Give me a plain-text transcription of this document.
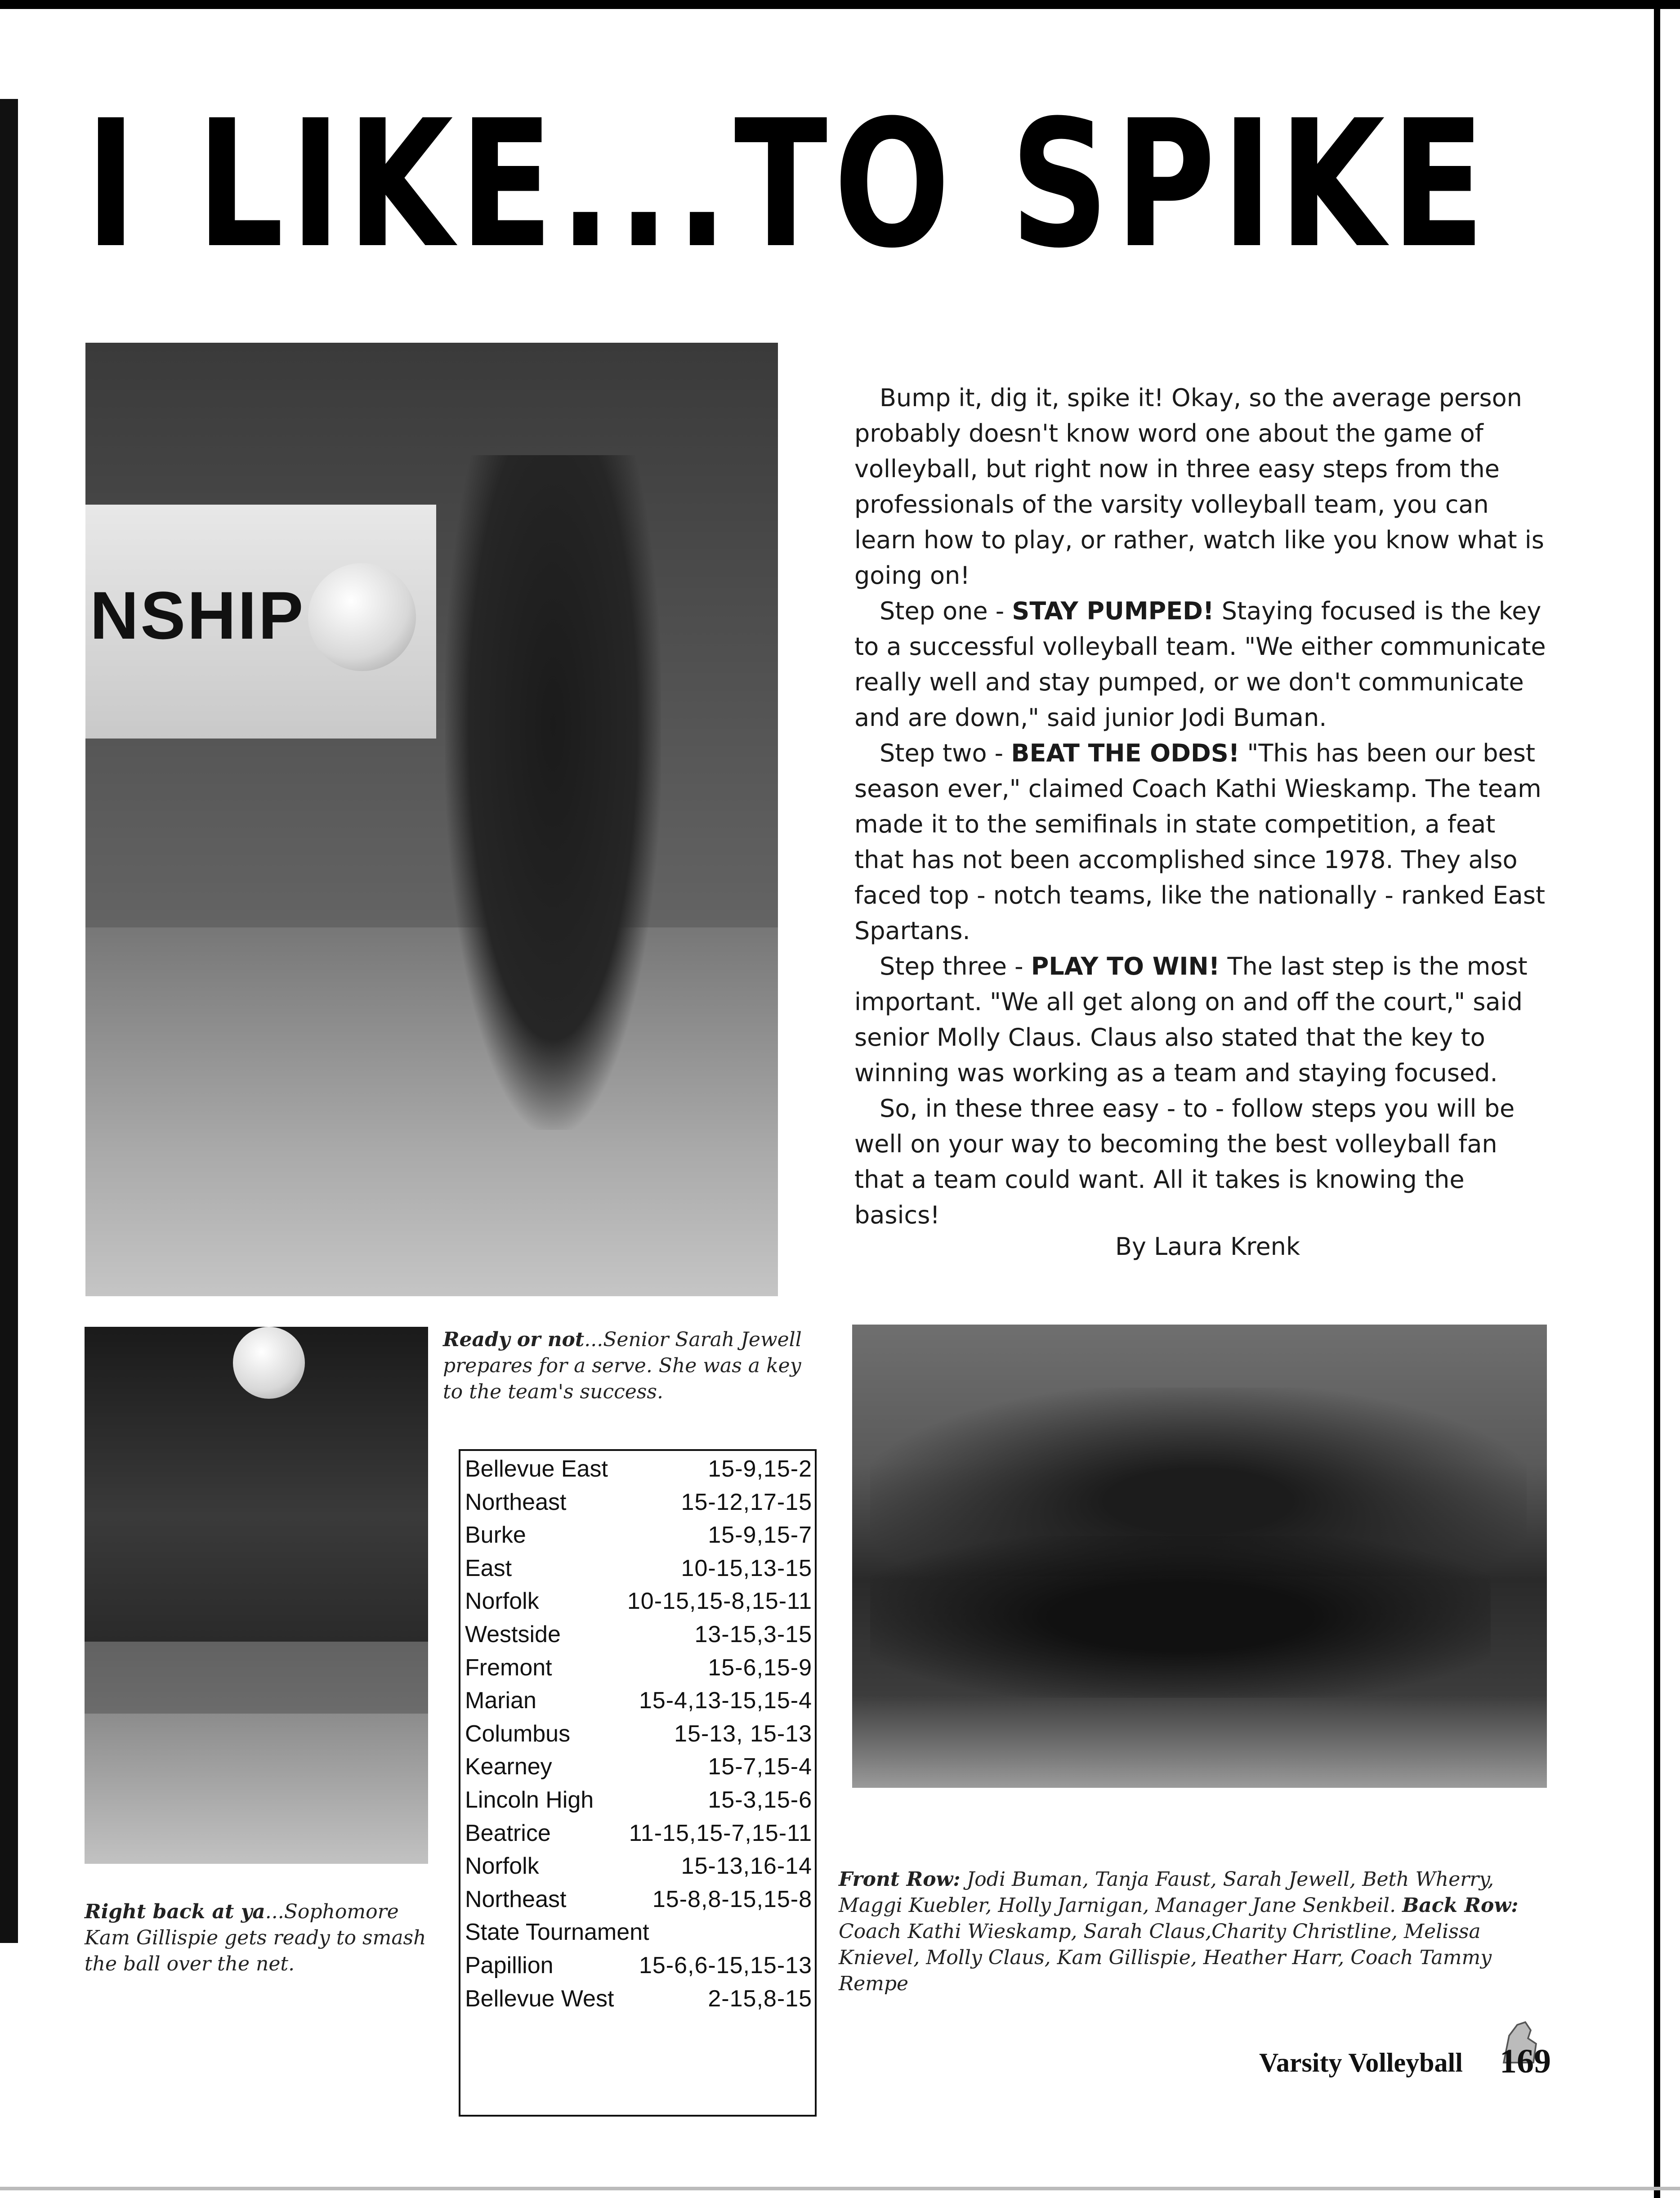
I LIKE...TO SPIKE
NSHIP

Bump it, dig it, spike it! Okay, so the average person probably doesn't know word one about the game of volleyball, but right now in three easy steps from the professionals of the varsity volleyball team, you can learn how to play, or rather, watch like you know what is going on!

Step one - STAY PUMPED! Staying focused is the key to a successful volleyball team. "We either communicate really well and stay pumped, or we don't communicate and are down," said junior Jodi Buman.

Step two - BEAT THE ODDS! "This has been our best season ever," claimed Coach Kathi Wieskamp. The team made it to the semifinals in state competition, a feat that has not been accomplished since 1978. They also faced top - notch teams, like the nationally - ranked East Spartans.

Step three - PLAY TO WIN! The last step is the most important. "We all get along on and off the court," said senior Molly Claus. Claus also stated that the key to winning was working as a team and staying focused.

So, in these three easy - to - follow steps you will be well on your way to becoming the best volleyball fan that a team could want. All it takes is knowing the basics!

By Laura Krenk
Ready or not...Senior Sarah Jewell prepares for a serve. She was a key to the team's success.
Bellevue East	15-9,15-2
Northeast	15-12,17-15
Burke	15-9,15-7
East	10-15,13-15
Norfolk	10-15,15-8,15-11
Westside	13-15,3-15
Fremont	15-6,15-9
Marian	15-4,13-15,15-4
Columbus	15-13, 15-13
Kearney	15-7,15-4
Lincoln High	15-3,15-6
Beatrice	11-15,15-7,15-11
Norfolk	15-13,16-14
Northeast	15-8,8-15,15-8
State Tournament
Papillion	15-6,6-15,15-13
Bellevue West	2-15,8-15
Right back at ya...Sophomore Kam Gillispie gets ready to smash the ball over the net.
Front Row: Jodi Buman, Tanja Faust, Sarah Jewell, Beth Wherry, Maggi Kuebler, Holly Jarnigan, Manager Jane Senkbeil. Back Row: Coach Kathi Wieskamp, Sarah Claus,Charity Christline, Melissa Knievel, Molly Claus, Kam Gillispie, Heather Harr, Coach Tammy Rempe
Varsity Volleyball 169
